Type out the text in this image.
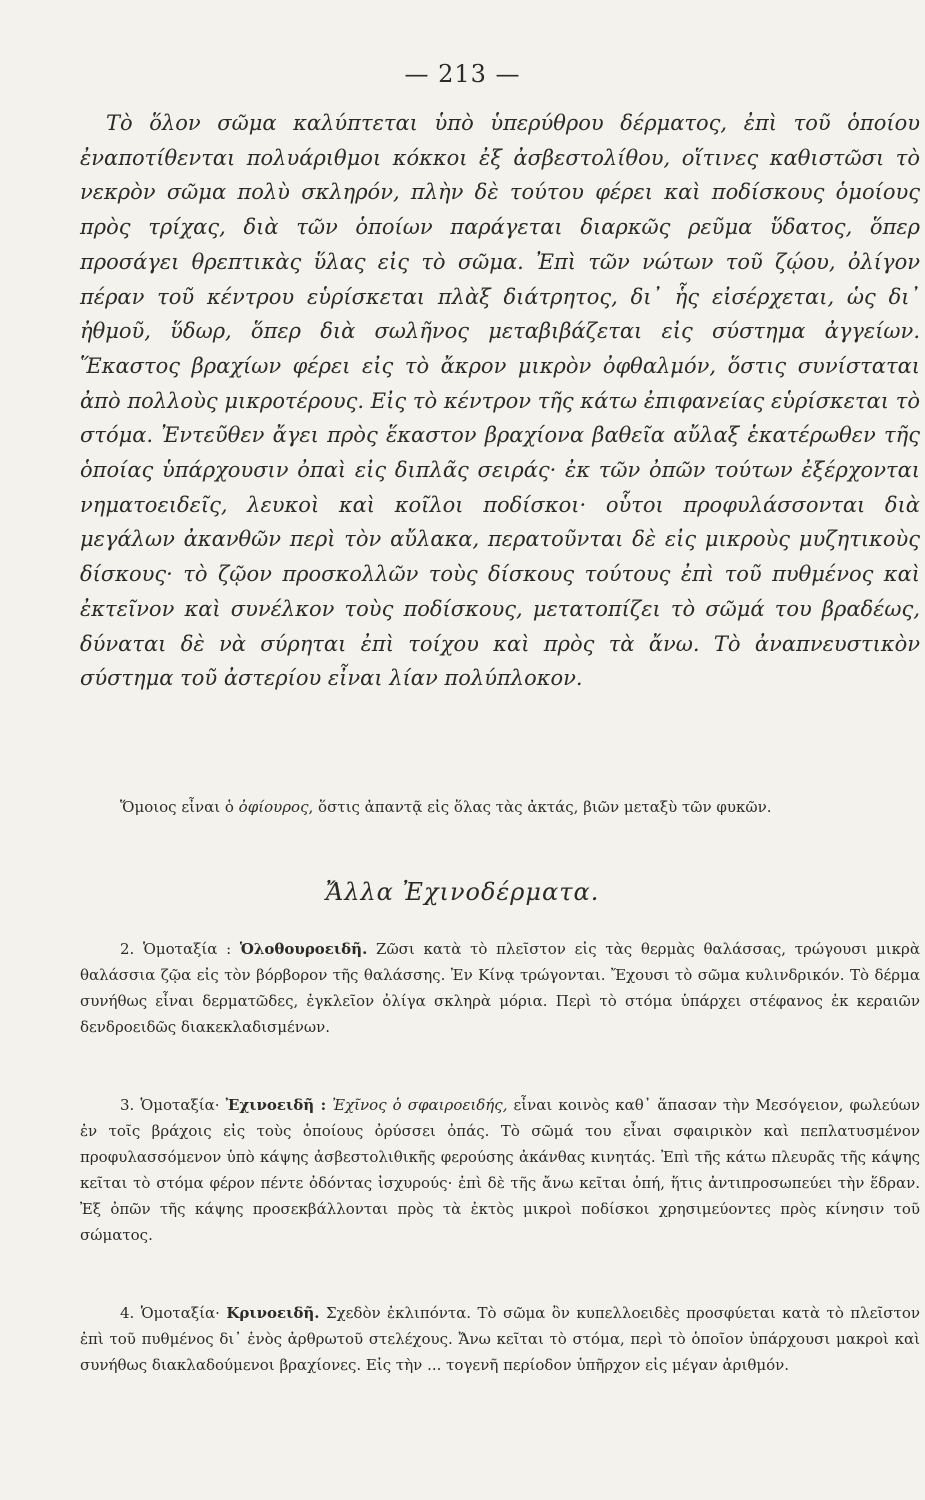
— 213 —

Τὸ ὅλον σῶμα καλύπτεται ὑπὸ ὑπερύθρου δέρματος, ἐπὶ τοῦ ὁποίου ἐναποτίθενται πολυάριθμοι κόκκοι ἐξ ἀσβεστολίθου, οἵτινες καθιστῶσι τὸ νεκρὸν σῶμα πολὺ σκληρόν, πλὴν δὲ τούτου φέρει καὶ ποδίσκους ὁμοίους πρὸς τρίχας, διὰ τῶν ὁποίων παράγεται διαρκῶς ρεῦμα ὕδατος, ὅπερ προσάγει θρεπτικὰς ὕλας εἰς τὸ σῶμα. Ἐπὶ τῶν νώτων τοῦ ζῴου, ὀλίγον πέραν τοῦ κέντρου εὑρίσκεται πλὰξ διάτρητος, δι᾽ ἧς εἰσέρχεται, ὡς δι᾽ ἠθμοῦ, ὕδωρ, ὅπερ διὰ σωλῆνος μεταβιβάζεται εἰς σύστημα ἀγγείων. Ἕκαστος βραχίων φέρει εἰς τὸ ἄκρον μικρὸν ὀφθαλμόν, ὅστις συνίσταται ἀπὸ πολλοὺς μικροτέρους. Εἰς τὸ κέντρον τῆς κάτω ἐπιφανείας εὑρίσκεται τὸ στόμα. Ἐντεῦθεν ἄγει πρὸς ἕκαστον βραχίονα βαθεῖα αὔλαξ ἑκατέρωθεν τῆς ὁποίας ὑπάρχουσιν ὀπαὶ εἰς διπλᾶς σειράς· ἐκ τῶν ὀπῶν τούτων ἐξέρχονται νηματοειδεῖς, λευκοὶ καὶ κοῖλοι ποδίσκοι· οὗτοι προφυλάσσονται διὰ μεγάλων ἀκανθῶν περὶ τὸν αὔλακα, περατοῦνται δὲ εἰς μικροὺς μυζητικοὺς δίσκους· τὸ ζῷον προσκολλῶν τοὺς δίσκους τούτους ἐπὶ τοῦ πυθμένος καὶ ἐκτεῖνον καὶ συνέλκον τοὺς ποδίσκους, μετατοπίζει τὸ σῶμά του βραδέως, δύναται δὲ νὰ σύρηται ἐπὶ τοίχου καὶ πρὸς τὰ ἄνω. Τὸ ἀναπνευστικὸν σύστημα τοῦ ἀστερίου εἶναι λίαν πολύπλοκον.

Ὅμοιος εἶναι ὁ ὀφίουρος, ὅστις ἀπαντᾷ εἰς ὅλας τὰς ἀκτάς, βιῶν μεταξὺ τῶν φυκῶν.

Ἄλλα Ἐχινοδέρματα.

2. Ὁμοταξία : Ὁλοθουροειδῆ. Ζῶσι κατὰ τὸ πλεῖστον εἰς τὰς θερμὰς θαλάσσας, τρώγουσι μικρὰ θαλάσσια ζῷα εἰς τὸν βόρβορον τῆς θαλάσσης. Ἐν Κίνᾳ τρώγονται. Ἔχουσι τὸ σῶμα κυλινδρικόν. Τὸ δέρμα συνήθως εἶναι δερματῶδες, ἐγκλεῖον ὀλίγα σκληρὰ μόρια. Περὶ τὸ στόμα ὑπάρχει στέφανος ἐκ κεραιῶν δενδροειδῶς διακεκλαδισμένων.

3. Ὁμοταξία· Ἐχινοειδῆ : Ἐχῖνος ὁ σφαιροειδής, εἶναι κοινὸς καθ᾽ ἅπασαν τὴν Μεσόγειον, φωλεύων ἐν τοῖς βράχοις εἰς τοὺς ὁποίους ὀρύσσει ὀπάς. Τὸ σῶμά του εἶναι σφαιρικὸν καὶ πεπλατυσμένον προφυλασσόμενον ὑπὸ κάψης ἀσβεστολιθικῆς φερούσης ἀκάνθας κινητάς. Ἐπὶ τῆς κάτω πλευρᾶς τῆς κάψης κεῖται τὸ στόμα φέρον πέντε ὀδόντας ἰσχυρούς· ἐπὶ δὲ τῆς ἄνω κεῖται ὀπή, ἥτις ἀντιπροσωπεύει τὴν ἕδραν. Ἐξ ὀπῶν τῆς κάψης προσεκβάλλονται πρὸς τὰ ἐκτὸς μικροὶ ποδίσκοι χρησιμεύοντες πρὸς κίνησιν τοῦ σώματος.

4. Ὁμοταξία· Κρινοειδῆ. Σχεδὸν ἐκλιπόντα. Τὸ σῶμα ὂν κυπελλοειδὲς προσφύεται κατὰ τὸ πλεῖστον ἐπὶ τοῦ πυθμένος δι᾽ ἑνὸς ἀρθρωτοῦ στελέχους. Ἄνω κεῖται τὸ στόμα, περὶ τὸ ὁποῖον ὑπάρχουσι μακροὶ καὶ συνήθως διακλαδούμενοι βραχίονες. Εἰς τὴν ... τογενῆ περίοδον ὑπῆρχον εἰς μέγαν ἀριθμόν.
